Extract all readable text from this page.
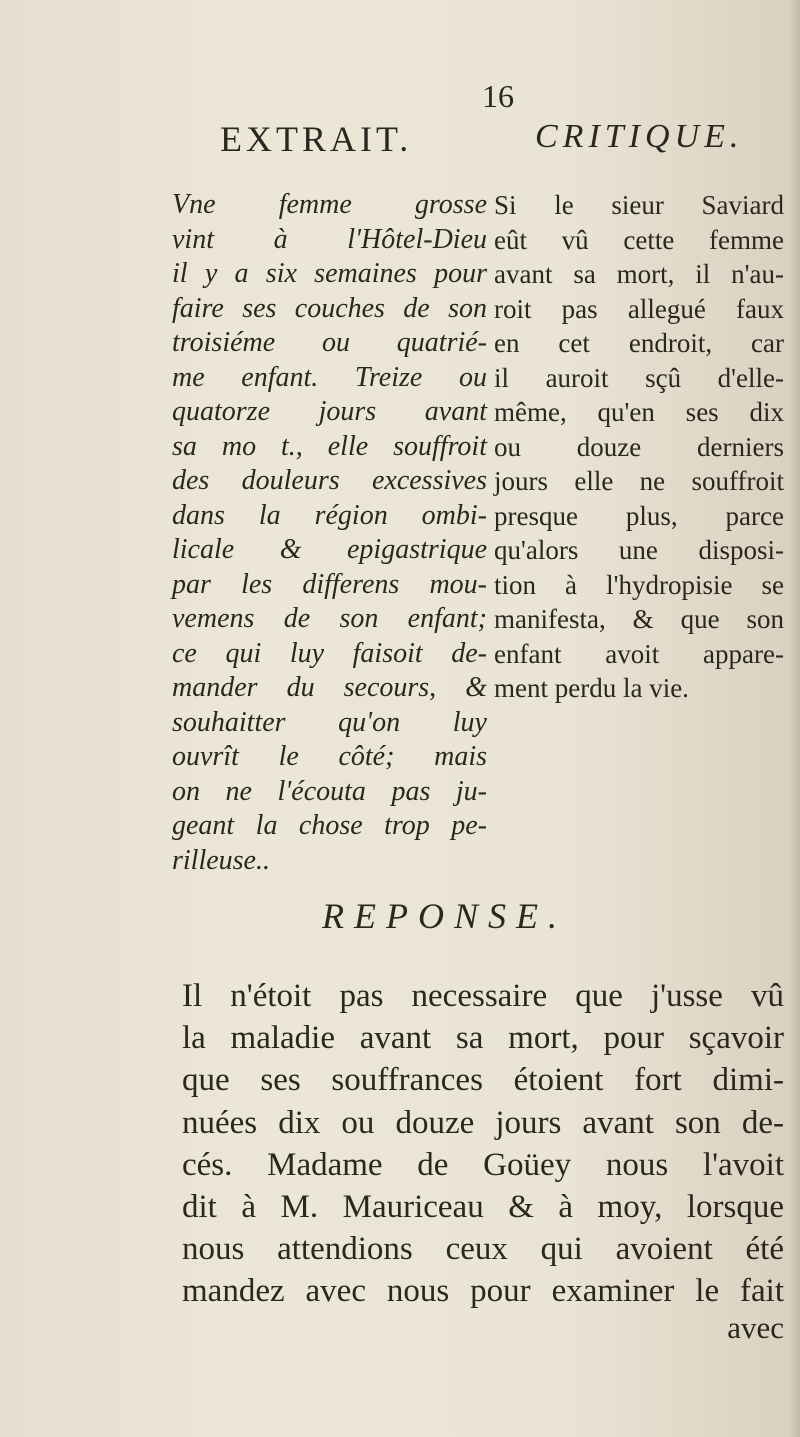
16
EXTRAIT.	CRITIQUE.
Vne femme grosse
vint à l'Hôtel-Dieu
il y a six semaines pour
faire ses couches de son
troisiéme ou quatrié-
me enfant. Treize ou
quatorze jours avant
sa mo t., elle souffroit
des douleurs excessives
dans la région ombi-
licale & epigastrique
par les differens mou-
vemens de son enfant;
ce qui luy faisoit de-
mander du secours, &
souhaitter qu'on luy
ouvrît le côté; mais
on ne l'écouta pas ju-
geant la chose trop pe-
rilleuse..
Si le sieur Saviard
eût vû cette femme
avant sa mort, il n'au-
roit pas allegué faux
en cet endroit, car
il auroit sçû d'elle-
même, qu'en ses dix
ou douze derniers
jours elle ne souffroit
presque plus, parce
qu'alors une disposi-
tion à l'hydropisie se
manifesta, & que son
enfant avoit appare-
ment perdu la vie.
REPONSE.
Il n'étoit pas necessaire que j'usse vû
la maladie avant sa mort, pour sçavoir
que ses souffrances étoient fort dimi-
nuées dix ou douze jours avant son de-
cés. Madame de Goüey nous l'avoit
dit à M. Mauriceau & à moy, lorsque
nous attendions ceux qui avoient été
mandez avec nous pour examiner le fait
avec
